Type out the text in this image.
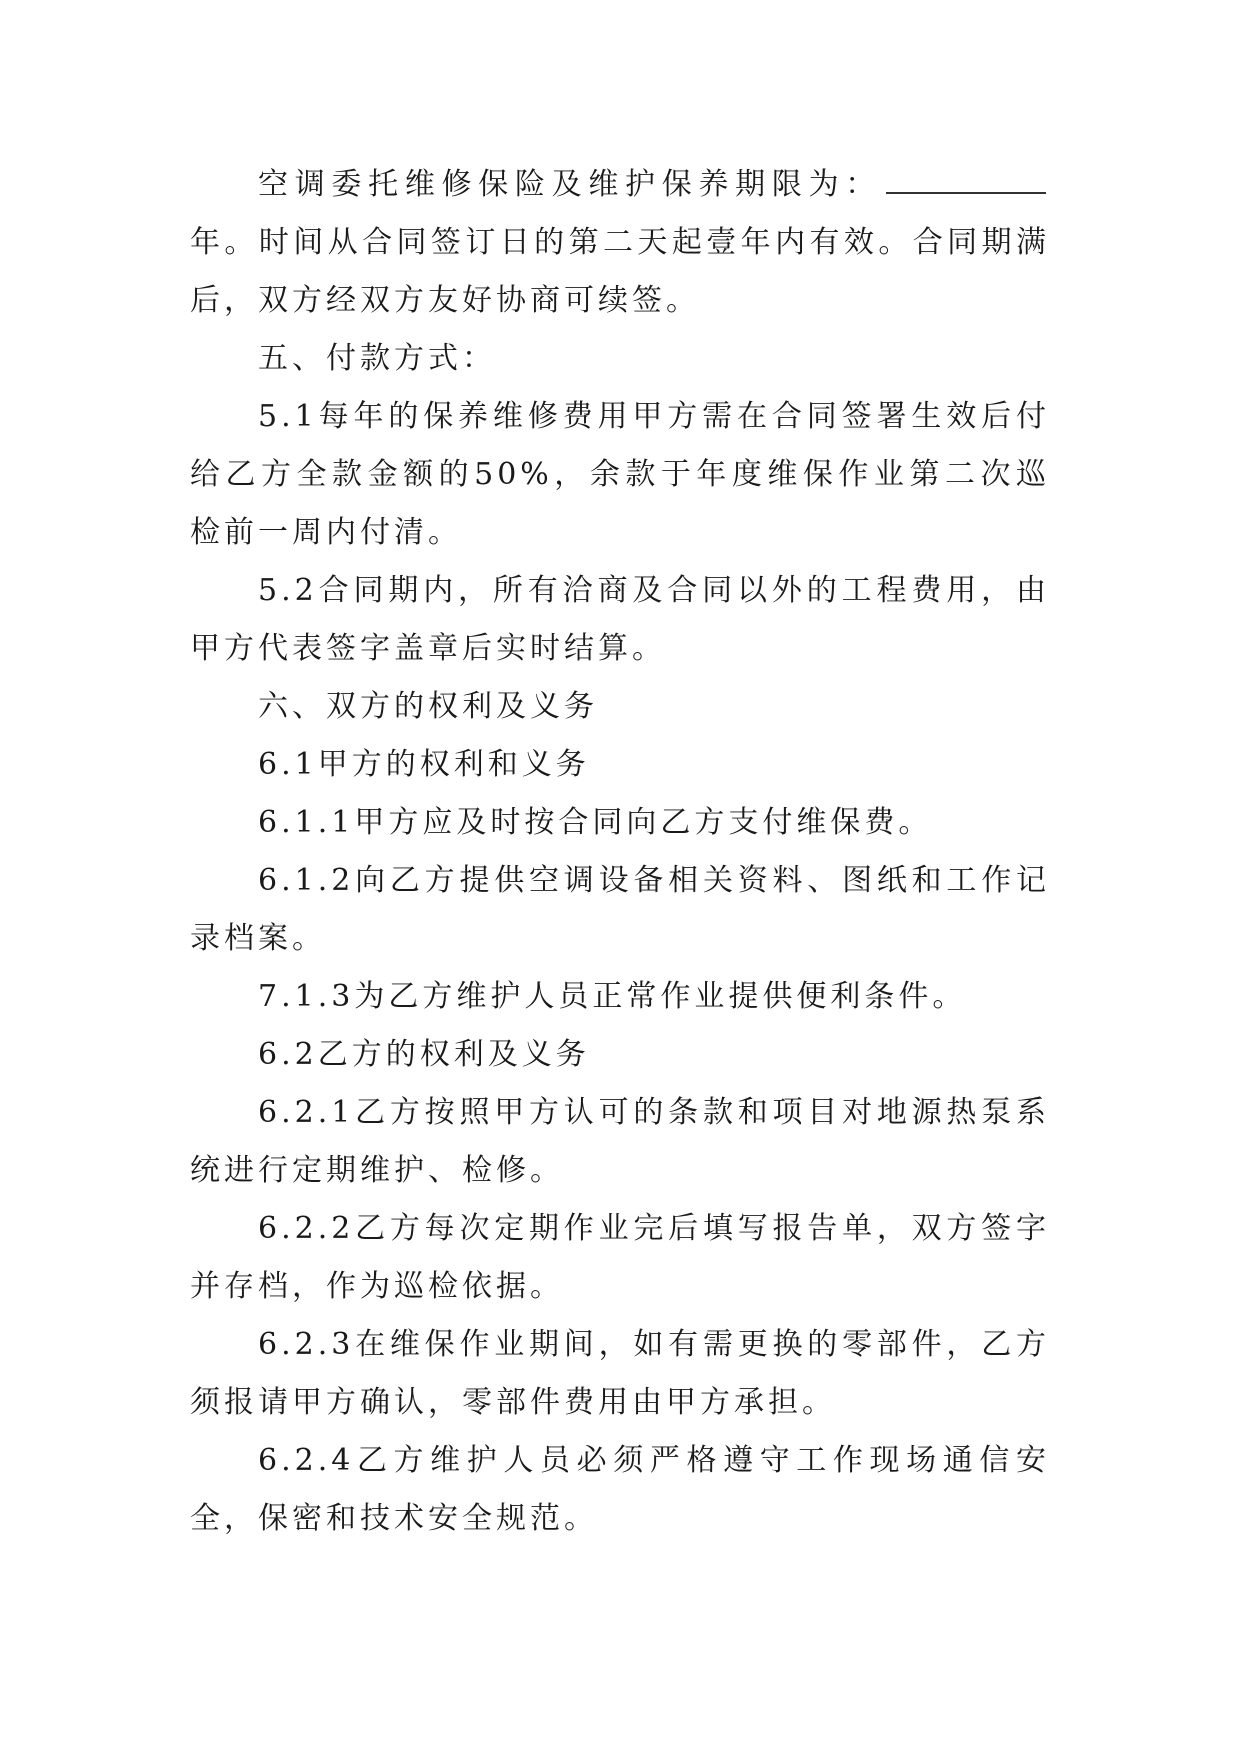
空调委托维修保险及维护保养期限为：年。时间从合同签订日的第二天起壹年内有效。合同期满后，双方经双方友好协商可续签。

五、付款方式：

5.1每年的保养维修费用甲方需在合同签署生效后付给乙方全款金额的50%，余款于年度维保作业第二次巡检前一周内付清。

5.2合同期内，所有洽商及合同以外的工程费用，由甲方代表签字盖章后实时结算。

六、双方的权利及义务

6.1甲方的权利和义务

6.1.1甲方应及时按合同向乙方支付维保费。

6.1.2向乙方提供空调设备相关资料、图纸和工作记录档案。

7.1.3为乙方维护人员正常作业提供便利条件。

6.2乙方的权利及义务

6.2.1乙方按照甲方认可的条款和项目对地源热泵系统进行定期维护、检修。

6.2.2乙方每次定期作业完后填写报告单，双方签字并存档，作为巡检依据。

6.2.3在维保作业期间，如有需更换的零部件，乙方须报请甲方确认，零部件费用由甲方承担。

6.2.4乙方维护人员必须严格遵守工作现场通信安全，保密和技术安全规范。
